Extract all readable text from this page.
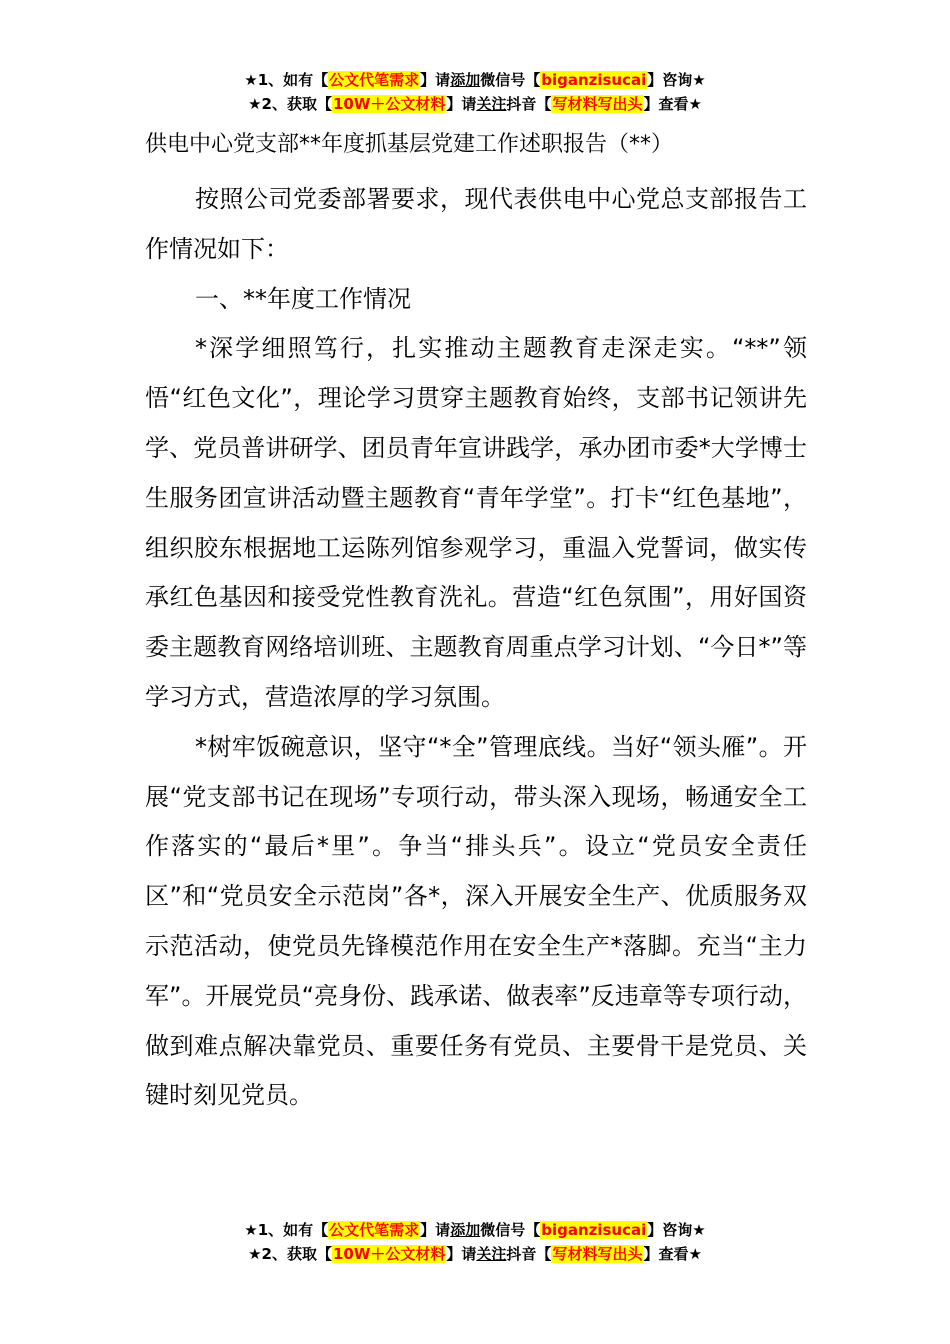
★1、如有【公文代笔需求】请添加微信号【biganzisucai】咨询★
★2、获取【10W＋公文材料】请关注抖音【写材料写出头】查看★

供电中心党支部**年度抓基层党建工作述职报告（**）

按照公司党委部署要求，现代表供电中心党总支部报告工作情况如下：

一、**年度工作情况

*深学细照笃行，扎实推动主题教育走深走实。“**”领悟“红色文化”，理论学习贯穿主题教育始终，支部书记领讲先学、党员普讲研学、团员青年宣讲践学，承办团市委*大学博士生服务团宣讲活动暨主题教育“青年学堂”。打卡“红色基地”，组织胶东根据地工运陈列馆参观学习，重温入党誓词，做实传承红色基因和接受党性教育洗礼。营造“红色氛围”，用好国资委主题教育网络培训班、主题教育周重点学习计划、“今日*”等学习方式，营造浓厚的学习氛围。

*树牢饭碗意识，坚守“*全”管理底线。当好“领头雁”。开展“党支部书记在现场”专项行动，带头深入现场，畅通安全工作落实的“最后*里”。争当“排头兵”。设立“党员安全责任区”和“党员安全示范岗”各*，深入开展安全生产、优质服务双示范活动，使党员先锋模范作用在安全生产*落脚。充当“主力军”。开展党员“亮身份、践承诺、做表率”反违章等专项行动，做到难点解决靠党员、重要任务有党员、主要骨干是党员、关键时刻见党员。

★1、如有【公文代笔需求】请添加微信号【biganzisucai】咨询★
★2、获取【10W＋公文材料】请关注抖音【写材料写出头】查看★
